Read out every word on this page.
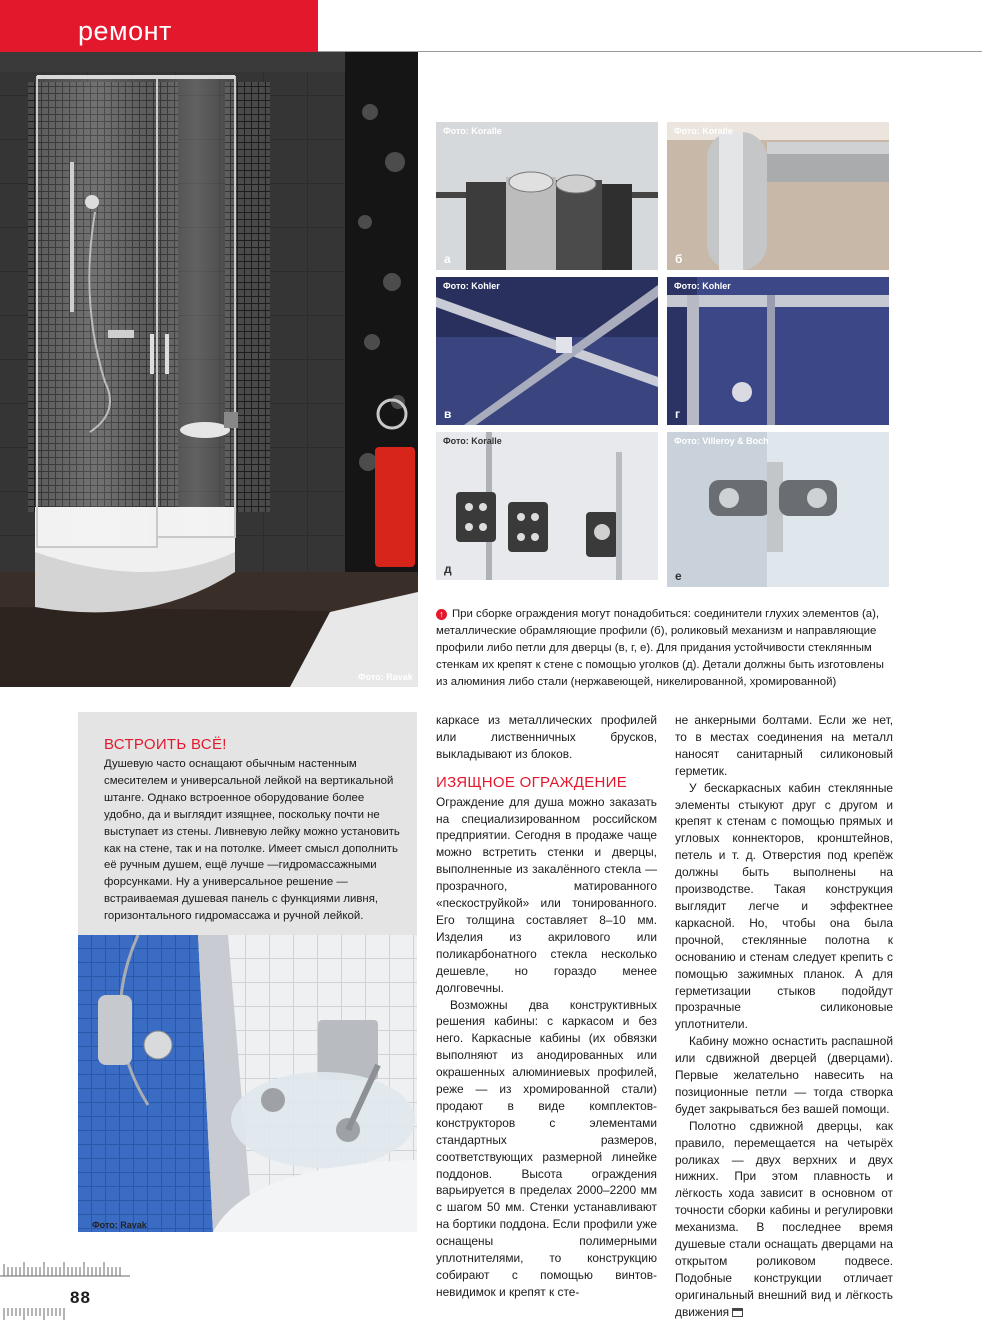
ремонт
Фото: Ravak
Фото: Koralle
а
Фото: Koralle
б
Фото: Kohler
в
Фото: Kohler
г
Фото: Koralle
д
Фото: Villeroy & Boch
е
↑ При сборке ограждения могут понадобиться: соединители глухих элементов (а), металлические обрамляющие профили (б), роликовый механизм и направляющие профили либо петли для дверцы (в, г, е). Для придания устойчивости стеклянным стенкам их крепят к стене с помощью уголков (д). Детали должны быть изготовлены из алюминия либо стали (нержавеющей, никелированной, хромированной)
ВСТРОИТЬ ВСЁ!

Душевую часто оснащают обычным настенным смесителем и универсальной лейкой на вертикальной штанге. Однако встроенное оборудование более удобно, да и выглядит изящнее, поскольку почти не выступает из стены. Ливневую лейку можно установить как на стене, так и на потолке. Имеет смысл дополнить её ручным душем, ещё лучше —гидромассажными форсунками. Ну а универсальное решение — встраиваемая душевая панель с функциями ливня, горизонтального гидромассажа и ручной лейкой.

Фото: Ravak

каркасе из металлических профилей или лиственничных брусков, выкладывают из блоков.

ИЗЯЩНОЕ ОГРАЖДЕНИЕ

Ограждение для душа можно заказать на специализированном российском предприятии. Сегодня в продаже чаще можно встретить стенки и дверцы, выполненные из закалённого стекла — прозрачного, матированного «пескоструйкой» или тонированного. Его толщина составляет 8–10 мм. Изделия из акрилового или поликарбонатного стекла несколько дешевле, но гораздо менее долговечны.

Возможны два конструктивных решения кабины: с каркасом и без него. Каркасные кабины (их обвязки выполняют из анодированных или окрашенных алюминиевых профилей, реже — из хромированной стали) продают в виде комплектов-конструкторов с элементами стандартных размеров, соответствующих размерной линейке поддонов. Высота ограждения варьируется в пределах 2000–2200 мм с шагом 50 мм. Стенки устанавливают на бортики поддона. Если профили уже оснащены полимерными уплотнителями, то конструкцию собирают с помощью винтов-невидимок и крепят к сте-

не анкерными болтами. Если же нет, то в местах соединения на металл наносят санитарный силиконовый герметик.

У бескаркасных кабин стеклянные элементы стыкуют друг с другом и крепят к стенам с помощью прямых и угловых коннекторов, кронштейнов, петель и т. д. Отверстия под крепёж должны быть выполнены на производстве. Такая конструкция выглядит легче и эффектнее каркасной. Но, чтобы она была прочной, стеклянные полотна к основанию и стенам следует крепить с помощью зажимных планок. А для герметизации стыков подойдут прозрачные силиконовые уплотнители.

Кабину можно оснастить распашной или сдвижной дверцей (дверцами). Первые желательно навесить на позиционные петли — тогда створка будет закрываться без вашей помощи.

Полотно сдвижной дверцы, как правило, перемещается на четырёх роликах — двух верхних и двух нижних. При этом плавность и лёгкость хода зависит в основном от точности сборки кабины и регулировки механизма. В последнее время душевые стали оснащать дверцами на открытом роликовом подвесе. Подобные конструкции отличает оригинальный внешний вид и лёгкость движения

88
